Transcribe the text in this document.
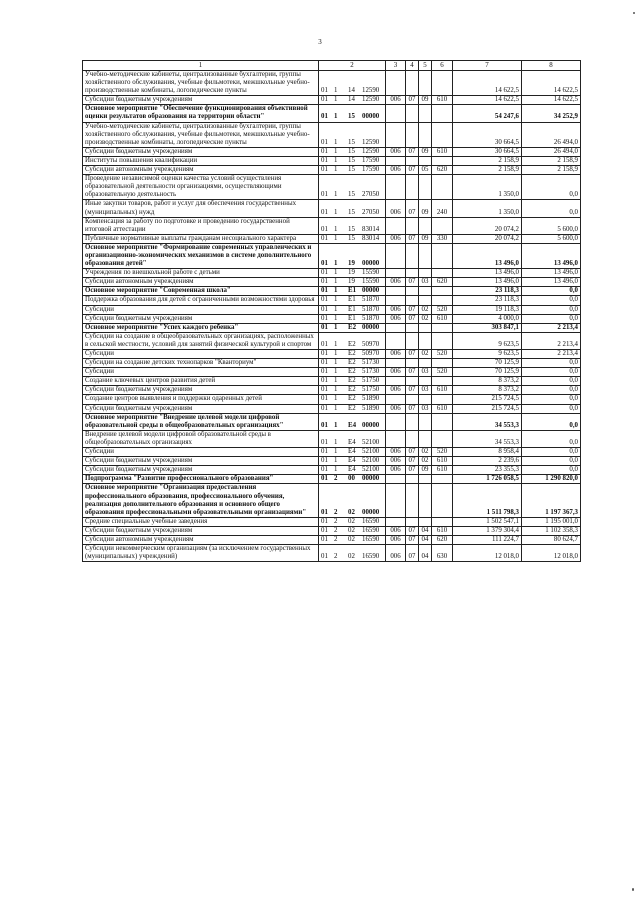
3
1	2	3	4	5	6	7	8
Учебно-методические кабинеты, централизованные бухгалтерии, группы хозяйственного обслуживания, учебные фильмотеки, межшкольные учебно-производственные комбинаты, логопедические пункты	01 1 14 12590					14 622,5	14 622,5
Субсидии бюджетным учреждениям	01 1 14 12590	006	07	09	610	14 622,5	14 622,5
Основное мероприятие "Обеспечение функционирования объективной оценки результатов образования на территории области"	01 1 15 00000					54 247,6	34 252,9
Учебно-методические кабинеты, централизованные бухгалтерии, группы хозяйственного обслуживания, учебные фильмотеки, межшкольные учебно-производственные комбинаты, логопедические пункты	01 1 15 12590					30 664,5	26 494,0
Субсидии бюджетным учреждениям	01 1 15 12590	006	07	09	610	30 664,5	26 494,0
Институты повышения квалификации	01 1 15 17590					2 158,9	2 158,9
Субсидии автономным учреждениям	01 1 15 17590	006	07	05	620	2 158,9	2 158,9
Проведение независимой оценки качества условий осуществления образовательной деятельности организациями, осуществляющими образовательную деятельность	01 1 15 27050					1 350,0	0,0
Иные закупки товаров, работ и услуг для обеспечения государственных (муниципальных) нужд	01 1 15 27050	006	07	09	240	1 350,0	0,0
Компенсация за работу по подготовке и проведению государственной итоговой аттестации	01 1 15 83014					20 074,2	5 600,0
Публичные нормативные выплаты гражданам несоциального характера	01 1 15 83014	006	07	09	330	20 074,2	5 600,0
Основное мероприятие "Формирование современных управленческих и организационно-экономических механизмов в системе дополнительного образования детей"	01 1 19 00000					13 496,0	13 496,0
Учреждения по внешкольной работе с детьми	01 1 19 15590					13 496,0	13 496,0
Субсидии автономным учреждениям	01 1 19 15590	006	07	03	620	13 496,0	13 496,0
Основное мероприятие "Современная школа"	01 1 E1 00000					23 118,3	0,0
Поддержка образования для детей с ограниченными возможностями здоровья	01 1 E1 51870					23 118,3	0,0
Субсидии	01 1 E1 51870	006	07	02	520	19 118,3	0,0
Субсидии бюджетным учреждениям	01 1 E1 51870	006	07	02	610	4 000,0	0,0
Основное мероприятие "Успех каждого ребенка"	01 1 E2 00000					303 847,1	2 213,4
Субсидии на создание в общеобразовательных организациях, расположенных в сельской местности, условий для занятий физической культурой и спортом	01 1 E2 50970					9 623,5	2 213,4
Субсидии	01 1 E2 50970	006	07	02	520	9 623,5	2 213,4
Субсидии на создание детских технопарков "Кванториум"	01 1 E2 51730					70 125,9	0,0
Субсидии	01 1 E2 51730	006	07	03	520	70 125,9	0,0
Создание ключевых центров развития детей	01 1 E2 51750					8 373,2	0,0
Субсидии бюджетным учреждениям	01 1 E2 51750	006	07	03	610	8 373,2	0,0
Создание центров выявления и поддержки одаренных детей	01 1 E2 51890					215 724,5	0,0
Субсидии бюджетным учреждениям	01 1 E2 51890	006	07	03	610	215 724,5	0,0
Основное мероприятие "Внедрение целевой модели цифровой образовательной среды в общеобразовательных организациях"	01 1 E4 00000					34 553,3	0,0
Внедрение целевой модели цифровой образовательной среды в общеобразовательных организациях	01 1 E4 52100					34 553,3	0,0
Субсидии	01 1 E4 52100	006	07	02	520	8 958,4	0,0
Субсидии бюджетным учреждениям	01 1 E4 52100	006	07	02	610	2 239,6	0,0
Субсидии бюджетным учреждениям	01 1 E4 52100	006	07	09	610	23 355,3	0,0
Подпрограмма "Развитие профессионального образования"	01 2 00 00000					1 726 058,5	1 290 820,0
Основное мероприятие "Организация предоставления профессионального образования, профессионального обучения, реализация дополнительного образования и основного общего образования профессиональными образовательными организациями"	01 2 02 00000					1 511 798,3	1 197 367,3
Средние специальные учебные заведения	01 2 02 16590					1 502 547,1	1 195 001,0
Субсидии бюджетным учреждениям	01 2 02 16590	006	07	04	610	1 379 304,4	1 102 358,3
Субсидии автономным учреждениям	01 2 02 16590	006	07	04	620	111 224,7	80 624,7
Субсидии некоммерческим организациям (за исключением государственных (муниципальных) учреждений)	01 2 02 16590	006	07	04	630	12 018,0	12 018,0
